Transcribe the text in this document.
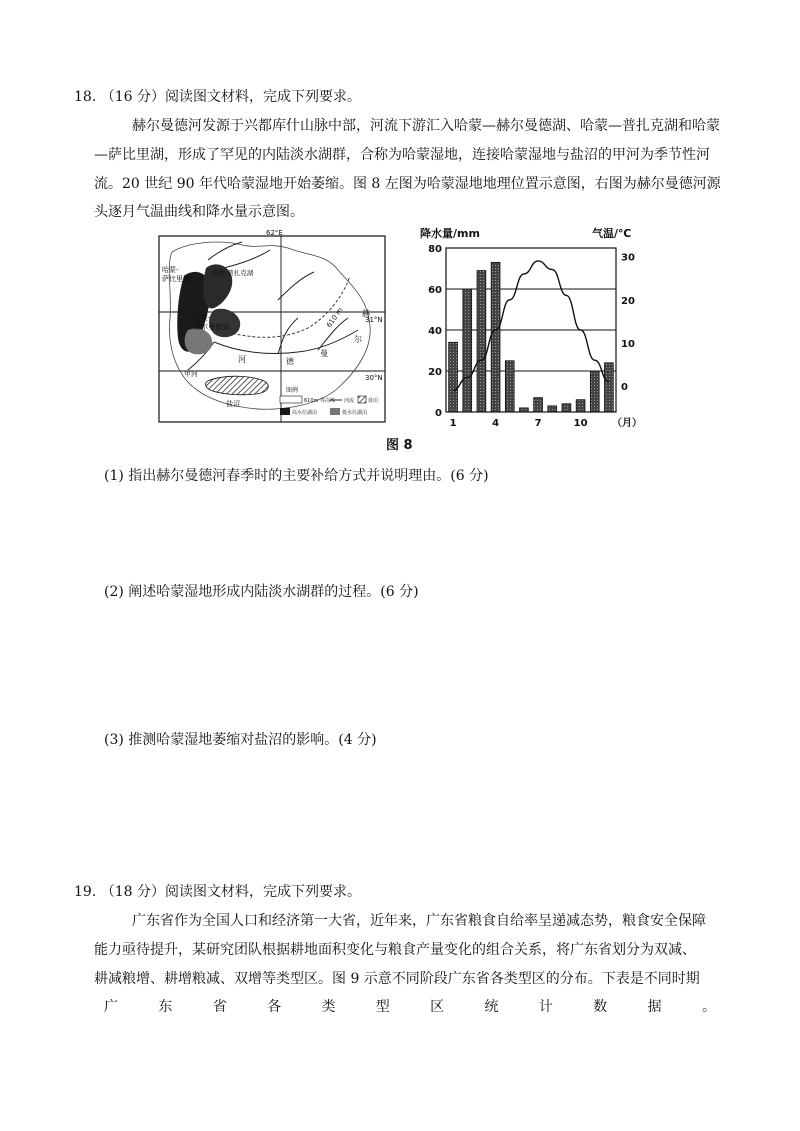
18. （16 分）阅读图文材料，完成下列要求。
赫尔曼德河发源于兴都库什山脉中部，河流下游汇入哈蒙—赫尔曼德湖、哈蒙—普扎克湖和哈蒙
—萨比里湖，形成了罕见的内陆淡水湖群，合称为哈蒙湿地，连接哈蒙湿地与盐沼的甲河为季节性河
流。20 世纪 90 年代哈蒙湿地开始萎缩。图 8 左图为哈蒙湿地地理位置示意图，右图为赫尔曼德河源
头逐月气温曲线和降水量示意图。
62°E
31°N
30°N
哈蒙-
萨比里湖
哈蒙-普扎克湖
哈蒙-
赫尔曼德湖	610 m 赫
尔
曼
德
河
甲河
盐沼
图例
610m 等高线 河流	盐沼
高水位湖泊	低水位湖泊
降水量/mm	气温/℃
0
20
40
60
80
0
10
20
30
1	4	7	10 （月）
图 8
(1) 指出赫尔曼德河春季时的主要补给方式并说明理由。(6 分)
(2) 阐述哈蒙湿地形成内陆淡水湖群的过程。(6 分)
(3) 推测哈蒙湿地萎缩对盐沼的影响。(4 分)
19. （18 分）阅读图文材料，完成下列要求。
广东省作为全国人口和经济第一大省，近年来，广东省粮食自给率呈递减态势，粮食安全保障
能力亟待提升，某研究团队根据耕地面积变化与粮食产量变化的组合关系，将广东省划分为双减、
耕减粮增、耕增粮减、双增等类型区。图 9 示意不同阶段广东省各类型区的分布。下表是不同时期
广	东	省	各	类	型	区	统	计	数	据	。
